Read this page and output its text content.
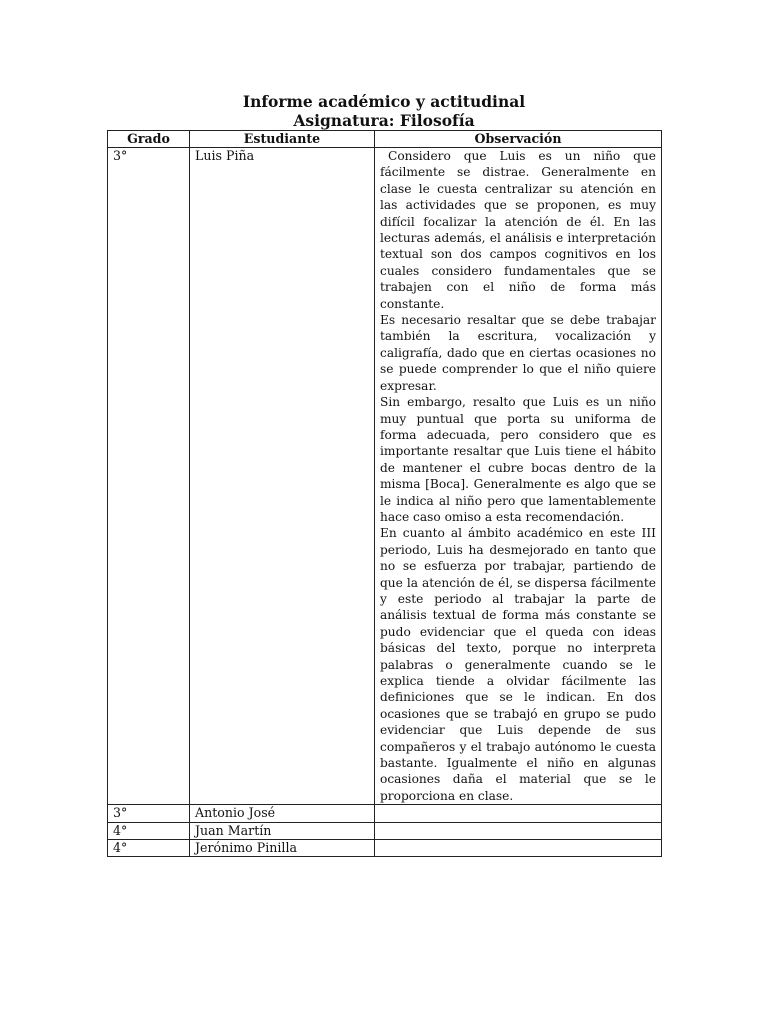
Informe académico y actitudinal
Asignatura: Filosofía
Grado	Estudiante	Observación
3°	Luis Piña	Considero que Luis es un niño que fácilmente se distrae. Generalmente en clase le cuesta centralizar su atención en las actividades que se proponen, es muy difícil focalizar la atención de él. En las lecturas además, el análisis e interpretación textual son dos campos cognitivos en los cuales considero fundamentales que se trabajen con el niño de forma más constante.

Es necesario resaltar que se debe trabajar también la escritura, vocalización y caligrafía, dado que en ciertas ocasiones no se puede comprender lo que el niño quiere expresar.

Sin embargo, resalto que Luis es un niño muy puntual que porta su uniforma de forma adecuada, pero considero que es importante resaltar que Luis tiene el hábito de mantener el cubre bocas dentro de la misma [Boca]. Generalmente es algo que se le indica al niño pero que lamentablemente hace caso omiso a esta recomendación.

En cuanto al ámbito académico en este III periodo, Luis ha desmejorado en tanto que no se esfuerza por trabajar, partiendo de que la atención de él, se dispersa fácilmente y este periodo al trabajar la parte de análisis textual de forma más constante se pudo evidenciar que el queda con ideas básicas del texto, porque no interpreta palabras o generalmente cuando se le explica tiende a olvidar fácilmente las definiciones que se le indican. En dos ocasiones que se trabajó en grupo se pudo evidenciar que Luis depende de sus compañeros y el trabajo autónomo le cuesta bastante. Igualmente el niño en algunas ocasiones daña el material que se le proporciona en clase.

3°	Antonio José	
4°	Juan Martín	
4°	Jerónimo Pinilla	
